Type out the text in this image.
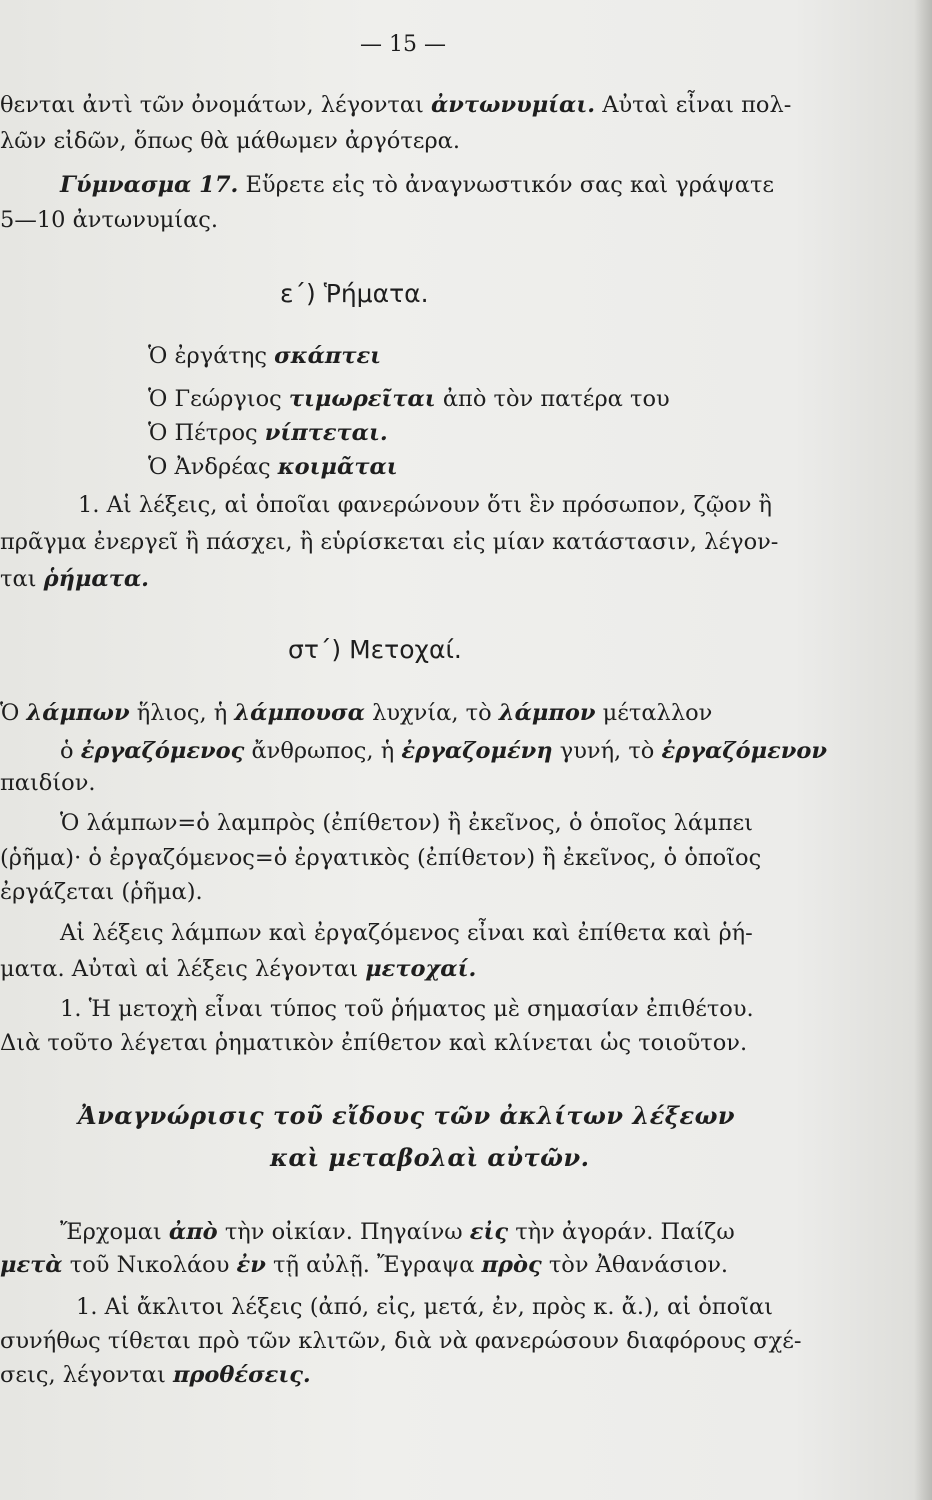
— 15 —
θενται ἀντὶ τῶν ὀνομάτων, λέγονται ἀντωνυμίαι. Αὐταὶ εἶναι πολ-
λῶν εἰδῶν, ὅπως θὰ μάθωμεν ἀργότερα.
Γύμνασμα 17. Εὕρετε εἰς τὸ ἀναγνωστικόν σας καὶ γράψατε
5—10 ἀντωνυμίας.
ε΄) Ῥήματα.
Ὁ ἐργάτης σκάπτει
Ὁ Γεώργιος τιμωρεῖται ἀπὸ τὸν πατέρα του
Ὁ Πέτρος νίπτεται.
Ὁ Ἀνδρέας κοιμᾶται
1. Αἱ λέξεις, αἱ ὁποῖαι φανερώνουν ὅτι ἓν πρόσωπον, ζῷον ἢ
πρᾶγμα ἐνεργεῖ ἢ πάσχει, ἢ εὑρίσκεται εἰς μίαν κατάστασιν, λέγον-
ται ῥήματα.
στ΄) Μετοχαί.
Ὁ λάμπων ἥλιος, ἡ λάμπουσα λυχνία, τὸ λάμπον μέταλλον
ὁ ἐργαζόμενος ἄνθρωπος, ἡ ἐργαζομένη γυνή, τὸ ἐργαζόμενον
παιδίον.
Ὁ λάμπων=ὁ λαμπρὸς (ἐπίθετον) ἢ ἐκεῖνος, ὁ ὁποῖος λάμπει
(ῥῆμα)· ὁ ἐργαζόμενος=ὁ ἐργατικὸς (ἐπίθετον) ἢ ἐκεῖνος, ὁ ὁποῖος
ἐργάζεται (ῥῆμα).
Αἱ λέξεις λάμπων καὶ ἐργαζόμενος εἶναι καὶ ἐπίθετα καὶ ῥή-
ματα. Αὐταὶ αἱ λέξεις λέγονται μετοχαί.
1. Ἡ μετοχὴ εἶναι τύπος τοῦ ῥήματος μὲ σημασίαν ἐπιθέτου.
Διὰ τοῦτο λέγεται ῥηματικὸν ἐπίθετον καὶ κλίνεται ὡς τοιοῦτον.
Ἀναγνώρισις τοῦ εἴδους τῶν ἀκλίτων λέξεων
καὶ μεταβολαὶ αὐτῶν.
Ἔρχομαι ἀπὸ τὴν οἰκίαν. Πηγαίνω εἰς τὴν ἀγοράν. Παίζω
μετὰ τοῦ Νικολάου ἐν τῇ αὐλῇ. Ἔγραψα πρὸς τὸν Ἀθανάσιον.
1. Αἱ ἄκλιτοι λέξεις (ἀπό, εἰς, μετά, ἐν, πρὸς κ. ἄ.), αἱ ὁποῖαι
συνήθως τίθεται πρὸ τῶν κλιτῶν, διὰ νὰ φανερώσουν διαφόρους σχέ-
σεις, λέγονται προθέσεις.
